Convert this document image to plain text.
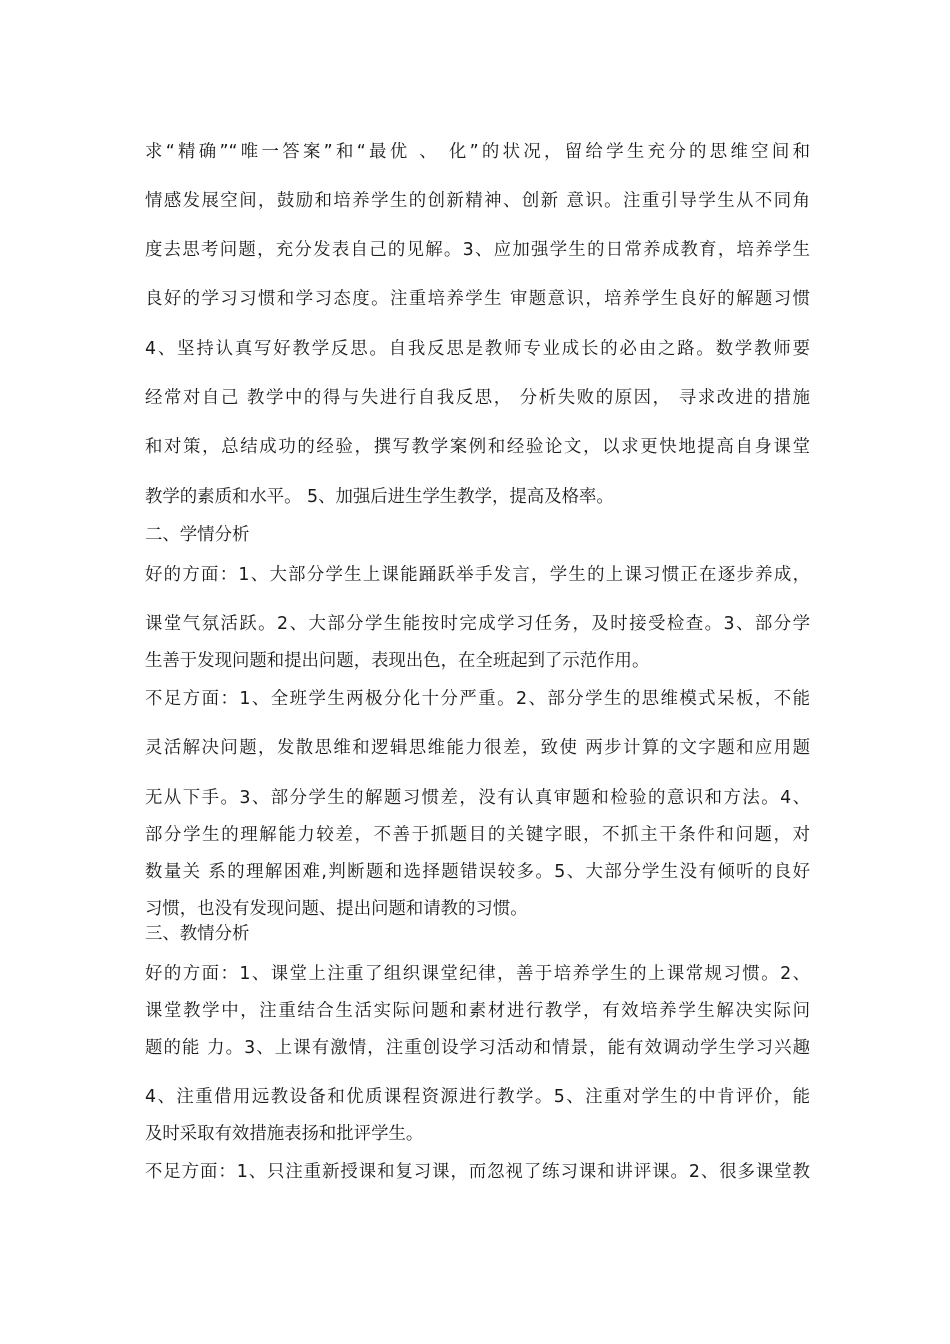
求“精确”“唯一答案”和“最优 、 化”的状况，留给学生充分的思维空间和
情感发展空间，鼓励和培养学生的创新精神、创新 意识。注重引导学生从不同角
度去思考问题，充分发表自己的见解。3、应加强学生的日常养成教育，培养学生
良好的学习习惯和学习态度。注重培养学生 审题意识，培养学生良好的解题习惯
4、坚持认真写好教学反思。自我反思是教师专业成长的必由之路。数学教师要
经常对自己 教学中的得与失进行自我反思， 分析失败的原因， 寻求改进的措施
和对策，总结成功的经验，撰写教学案例和经验论文，以求更快地提高自身课堂
教学的素质和水平。 5、加强后进生学生教学，提高及格率。
二、学情分析
好的方面：1、大部分学生上课能踊跃举手发言，学生的上课习惯正在逐步养成，
课堂气氛活跃。2、大部分学生能按时完成学习任务，及时接受检查。3、部分学
生善于发现问题和提出问题，表现出色，在全班起到了示范作用。
不足方面：1、全班学生两极分化十分严重。2、部分学生的思维模式呆板，不能
灵活解决问题，发散思维和逻辑思维能力很差，致使 两步计算的文字题和应用题
无从下手。3、部分学生的解题习惯差，没有认真审题和检验的意识和方法。4、
部分学生的理解能力较差，不善于抓题目的关键字眼，不抓主干条件和问题，对
数量关 系的理解困难,判断题和选择题错误较多。5、大部分学生没有倾听的良好
习惯，也没有发现问题、提出问题和请教的习惯。
三、教情分析
好的方面：1、课堂上注重了组织课堂纪律，善于培养学生的上课常规习惯。2、
课堂教学中，注重结合生活实际问题和素材进行教学，有效培养学生解决实际问
题的能 力。3、上课有激情，注重创设学习活动和情景，能有效调动学生学习兴趣
4、注重借用远教设备和优质课程资源进行教学。5、注重对学生的中肯评价，能
及时采取有效措施表扬和批评学生。
不足方面：1、只注重新授课和复习课，而忽视了练习课和讲评课。2、很多课堂教
